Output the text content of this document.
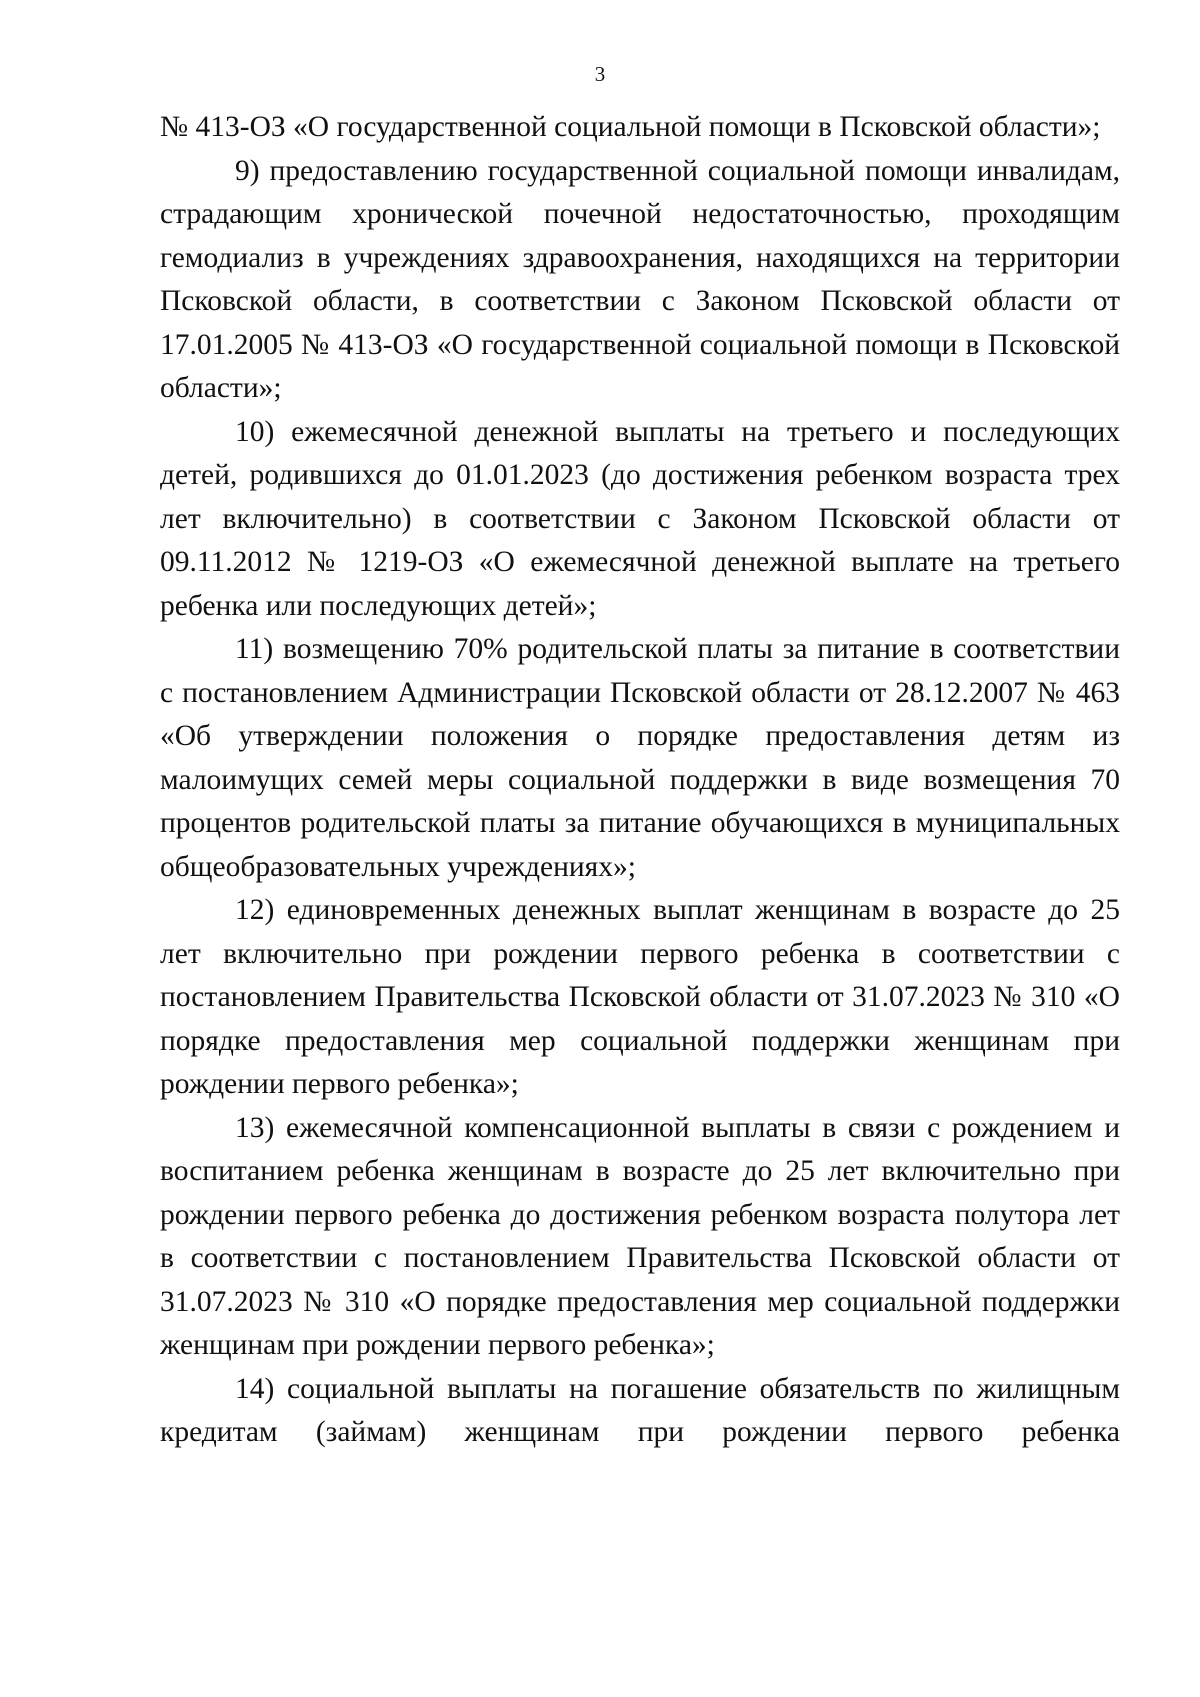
3

№ 413-ОЗ «О государственной социальной помощи в Псковской области»;

9) предоставлению государственной социальной помощи инвалидам, страдающим хронической почечной недостаточностью, проходящим гемодиализ в учреждениях здравоохранения, находящихся на территории Псковской области, в соответствии с Законом Псковской области от 17.01.2005 № 413-ОЗ «О государственной социальной помощи в Псковской области»;

10) ежемесячной денежной выплаты на третьего и последующих детей, родившихся до 01.01.2023 (до достижения ребенком возраста трех лет включительно) в соответствии с Законом Псковской области от 09.11.2012 № 1219-ОЗ «О ежемесячной денежной выплате на третьего ребенка или последующих детей»;

11) возмещению 70% родительской платы за питание в соответствии с постановлением Администрации Псковской области от 28.12.2007 № 463 «Об утверждении положения о порядке предоставления детям из малоимущих семей меры социальной поддержки в виде возмещения 70 процентов родительской платы за питание обучающихся в муниципальных общеобразовательных учреждениях»;

12) единовременных денежных выплат женщинам в возрасте до 25 лет включительно при рождении первого ребенка в соответствии с постановлением Правительства Псковской области от 31.07.2023 № 310 «О порядке предоставления мер социальной поддержки женщинам при рождении первого ребенка»;

13) ежемесячной компенсационной выплаты в связи с рождением и воспитанием ребенка женщинам в возрасте до 25 лет включительно при рождении первого ребенка до достижения ребенком возраста полутора лет в соответствии с постановлением Правительства Псковской области от 31.07.2023 № 310 «О порядке предоставления мер социальной поддержки женщинам при рождении первого ребенка»;

14) социальной выплаты на погашение обязательств по жилищным кредитам (займам) женщинам при рождении первого ребенка
